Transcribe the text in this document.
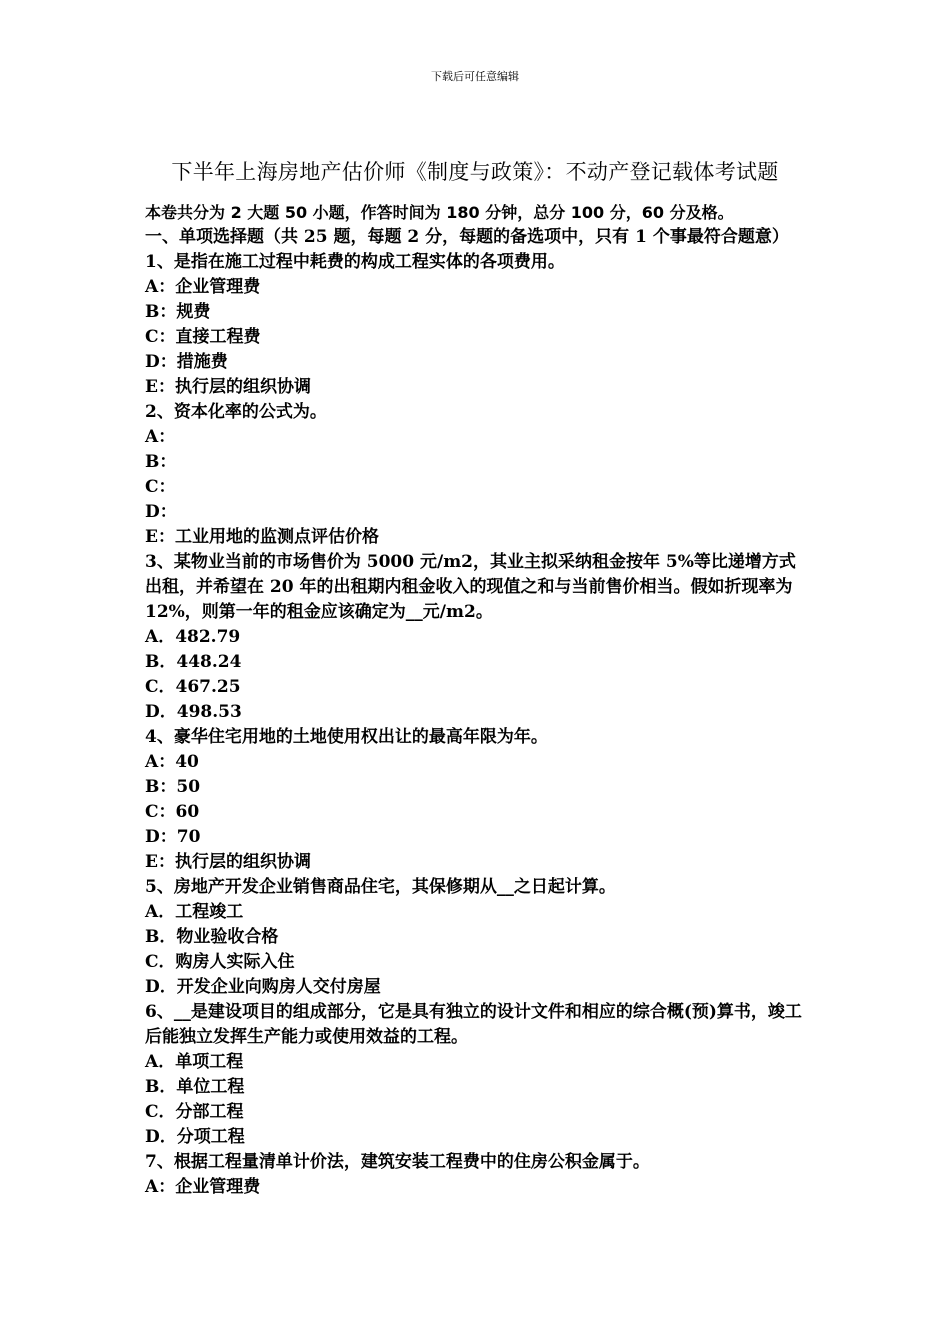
下载后可任意编辑
下半年上海房地产估价师《制度与政策》：不动产登记载体考试题
本卷共分为 2 大题 50 小题，作答时间为 180 分钟，总分 100 分，60 分及格。
一、单项选择题（共 25 题，每题 2 分，每题的备选项中，只有 1 个事最符合题意）
1、是指在施工过程中耗费的构成工程实体的各项费用。
A：企业管理费
B：规费
C：直接工程费
D：措施费
E：执行层的组织协调
2、资本化率的公式为。
A：
B：
C：
D：
E：工业用地的监测点评估价格
3、某物业当前的市场售价为 5000 元/m2，其业主拟采纳租金按年 5%等比递增方式出租，并希望在 20 年的出租期内租金收入的现值之和与当前售价相当。假如折现率为 12%，则第一年的租金应该确定为__元/m2。
A．482.79
B．448.24
C．467.25
D．498.53
4、豪华住宅用地的土地使用权出让的最高年限为年。
A：40
B：50
C：60
D：70
E：执行层的组织协调
5、房地产开发企业销售商品住宅，其保修期从__之日起计算。
A．工程竣工
B．物业验收合格
C．购房人实际入住
D．开发企业向购房人交付房屋
6、__是建设项目的组成部分，它是具有独立的设计文件和相应的综合概(预)算书，竣工后能独立发挥生产能力或使用效益的工程。
A．单项工程
B．单位工程
C．分部工程
D．分项工程
7、根据工程量清单计价法，建筑安装工程费中的住房公积金属于。
A：企业管理费
